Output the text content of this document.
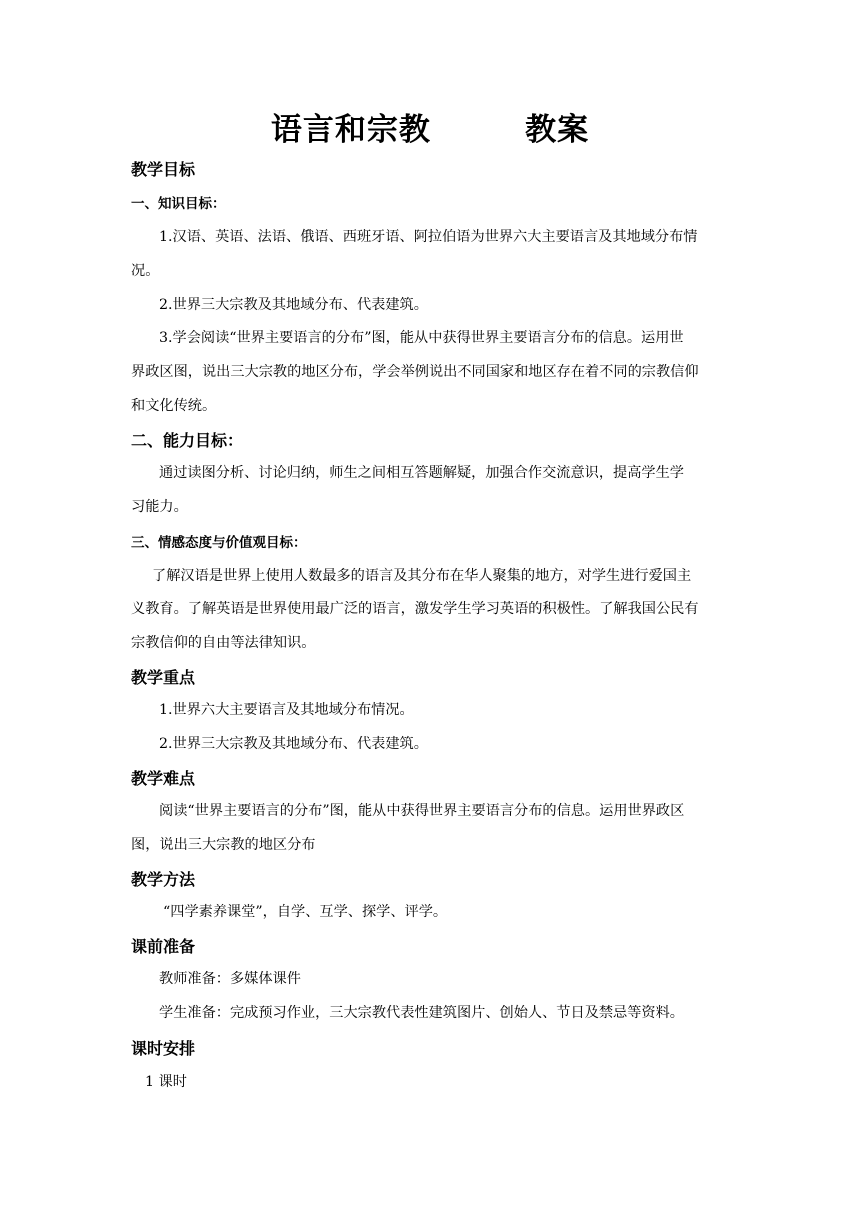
语言和宗教        教案
教学目标
一、知识目标：
1.汉语、英语、法语、俄语、西班牙语、阿拉伯语为世界六大主要语言及其地域分布情
况。
2.世界三大宗教及其地域分布、代表建筑。
3.学会阅读“世界主要语言的分布”图，能从中获得世界主要语言分布的信息。运用世
界政区图，说出三大宗教的地区分布，学会举例说出不同国家和地区存在着不同的宗教信仰
和文化传统。
二、能力目标：
通过读图分析、讨论归纳，师生之间相互答题解疑，加强合作交流意识，提高学生学
习能力。
三、情感态度与价值观目标：
了解汉语是世界上使用人数最多的语言及其分布在华人聚集的地方，对学生进行爱国主
义教育。了解英语是世界使用最广泛的语言，激发学生学习英语的积极性。了解我国公民有
宗教信仰的自由等法律知识。
教学重点
1.世界六大主要语言及其地域分布情况。
2.世界三大宗教及其地域分布、代表建筑。
教学难点
阅读“世界主要语言的分布”图，能从中获得世界主要语言分布的信息。运用世界政区
图，说出三大宗教的地区分布
教学方法
“四学素养课堂”，自学、互学、探学、评学。
课前准备
教师准备：多媒体课件
学生准备：完成预习作业，三大宗教代表性建筑图片、创始人、节日及禁忌等资料。
课时安排
1 课时
